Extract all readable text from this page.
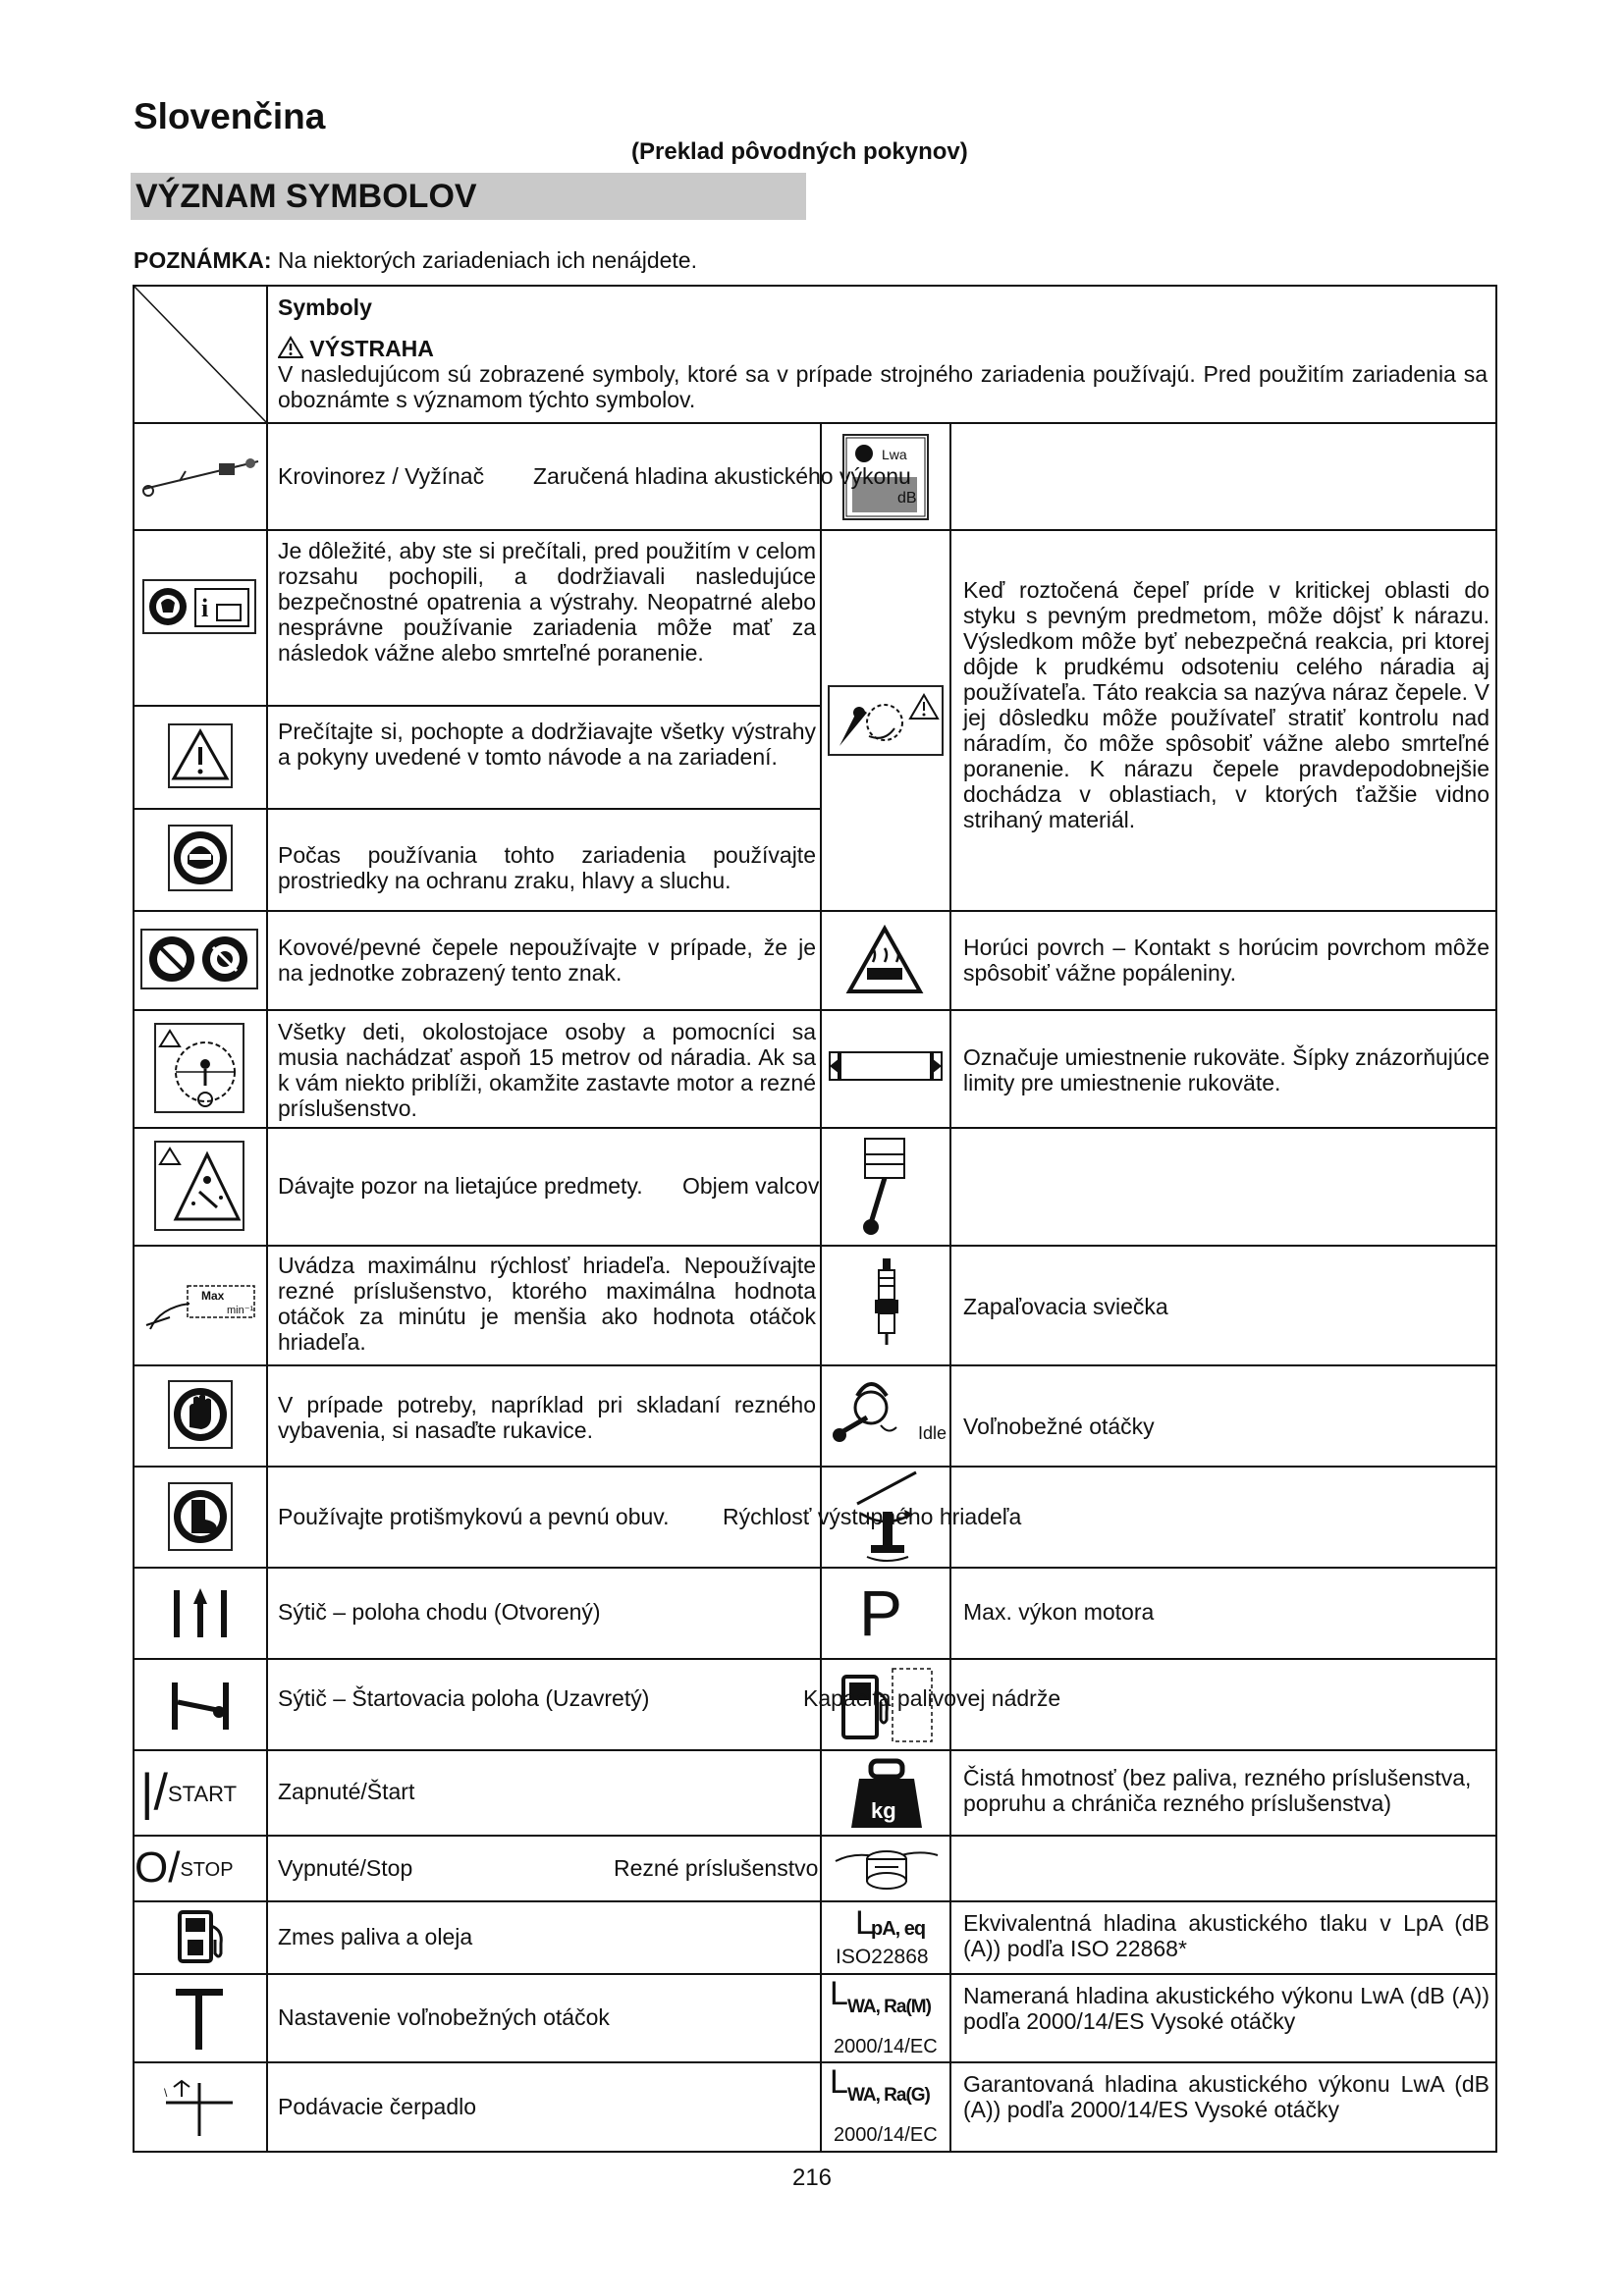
Slovenčina
(Preklad pôvodných pokynov)
VÝZNAM SYMBOLOV
POZNÁMKA: Na niektorých zariadeniach ich nenájdete.
Symboly
VÝSTRAHA
V nasledujúcom sú zobrazené symboly, ktoré sa v prípade strojného zariadenia používajú. Pred použitím zariadenia sa oboznámte s významom týchto symbolov.
i
Max
min⁻¹
|/START
O/STOP
\
Krovinorez / Vyžínač
Je dôležité, aby ste si prečítali, pred použitím v celom rozsahu pochopili, a dodržiavali nasledujúce bezpečnostné opatrenia a výstrahy. Neopatrné alebo nesprávne používanie zariadenia môže mať za následok vážne alebo smrteľné poranenie.
Prečítajte si, pochopte a dodržiavajte všetky výstrahy a pokyny uvedené v tomto návode a na zariadení.
Počas používania tohto zariadenia používajte prostriedky na ochranu zraku, hlavy a sluchu.
Kovové/pevné čepele nepoužívajte v prípade, že je na jednotke zobrazený tento znak.
Všetky deti, okolostojace osoby a pomocníci sa musia nachádzať aspoň 15 metrov od náradia. Ak sa k vám niekto priblíži, okamžite zastavte motor a rezné príslušenstvo.
Dávajte pozor na lietajúce predmety.
Uvádza maximálnu rýchlosť hriadeľa. Nepoužívajte rezné príslušenstvo, ktorého maximálna hodnota otáčok za minútu je menšia ako hodnota otáčok hriadeľa.
V prípade potreby, napríklad pri skladaní rezného vybavenia, si nasaďte rukavice.
Používajte protišmykovú a pevnú obuv.
Sýtič – poloha chodu (Otvorený)
Sýtič – Štartovacia poloha (Uzavretý)
Zapnuté/Štart
Vypnuté/Stop
Zmes paliva a oleja
Nastavenie voľnobežných otáčok
Podávacie čerpadlo
Lwa
dB
Idle
P
kg
L
pA, eq
ISO22868
L WA, Ra(M)
2000/14/EC
L WA, Ra(G)
2000/14/EC
Zaručená hladina akustického výkonu
Keď roztočená čepeľ príde v kritickej oblasti do styku s pevným predmetom, môže dôjsť k nárazu. Výsledkom môže byť nebezpečná reakcia, pri ktorej dôjde k prudkému odsoteniu celého náradia aj používateľa. Táto reakcia sa nazýva náraz čepele. V jej dôsledku môže používateľ stratiť kontrolu nad náradím, čo môže spôsobiť vážne alebo smrteľné poranenie. K nárazu čepele pravdepodobnejšie dochádza v oblastiach, v ktorých ťažšie vidno strihaný materiál.
Horúci povrch – Kontakt s horúcim povrchom môže spôsobiť vážne popáleniny.
Označuje umiestnenie rukoväte. Šípky znázorňujúce limity pre umiestnenie rukoväte.
Objem valcov
Zapaľovacia sviečka
Voľnobežné otáčky
Rýchlosť výstupného hriadeľa
Max. výkon motora
Kapacita palivovej nádrže
Čistá hmotnosť (bez paliva, rezného príslušenstva, popruhu a chrániča rezného príslušenstva)
Rezné príslušenstvo
Ekvivalentná hladina akustického tlaku v LpA (dB (A)) podľa ISO 22868*
Nameraná hladina akustického výkonu LwA (dB (A)) podľa 2000/14/ES Vysoké otáčky
Garantovaná hladina akustického výkonu LwA (dB (A)) podľa 2000/14/ES Vysoké otáčky
216
